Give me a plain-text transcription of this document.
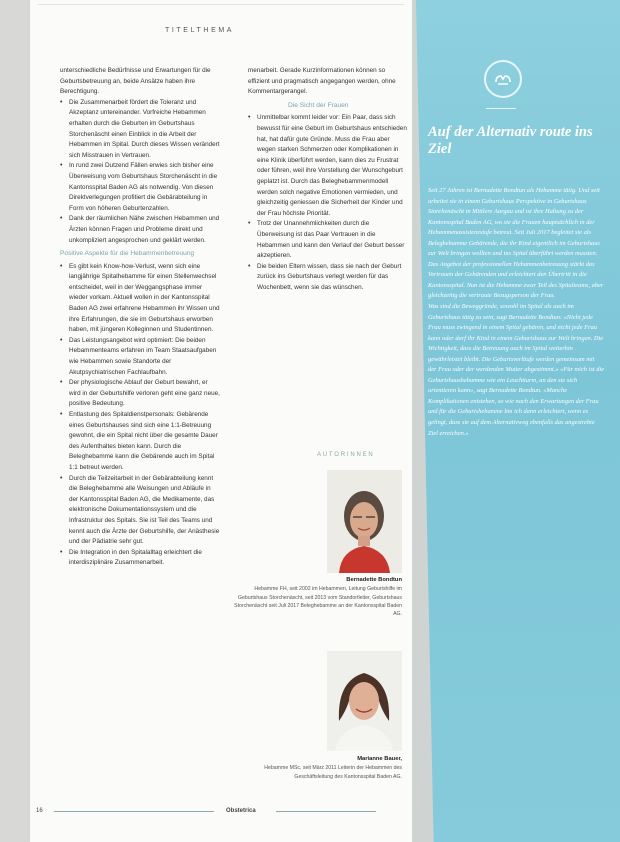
TITELTHEMA

unterschiedliche Bedürfnisse und Erwartungen für die Geburtsbetreuung an, beide Ansätze haben ihre Berechtigung.

• Die Zusammenarbeit fördert die Toleranz und Akzeptanz untereinander. Vorfreiche Hebammen erhalten durch die Geburten im Geburtshaus Storchenäscht einen Einblick in die Arbeit der Hebammen im Spital. Durch dieses Wissen verändert sich Misstrauen in Vertrauen.
• In rund zwei Dutzend Fällen erwies sich bisher eine Überweisung vom Geburtshaus Storchenäscht in die Kantonsspital Baden AG als notwendig. Von diesen Direktverlegungen profitiert die Gebärabteilung in Form von höheren Geburtenzahlen.
• Dank der räumlichen Nähe zwischen Hebammen und Ärzten können Fragen und Probleme direkt und unkompliziert angesprochen und geklärt werden.
Positive Aspekte für die Hebammenbetreuung
• Es gibt kein Know-how-Verlust, wenn sich eine langjährige Spitalhebamme für einen Stellenwechsel entscheidet, weil in der Weggangsphase immer wieder vorkam. Aktuell wollen in der Kantonsspital Baden AG zwei erfahrene Hebammen ihr Wissen und ihre Erfahrungen, die sie im Geburtshaus erworben haben, mit jüngeren Kolleginnen und Studentinnen.
• Das Leistungsangebot wird optimiert: Die beiden Hebammenteams erfahren im Team Staatsaufgaben wie Hebammen sowie Standorte der Akutpsychiatrischen Fachlaufbahn.
• Der physiologische Ablauf der Geburt bewahrt, er wird in der Geburtshilfe verloren geht eine ganz neue, positive Bedeutung.
• Entlastung des Spitaldienstpersonals: Gebärende eines Geburtshauses sind sich eine 1:1-Betreuung gewohnt, die ein Spital nicht über die gesamte Dauer des Aufenthaltes bieten kann. Durch die Beleghebamme kann die Gebärende auch im Spital 1:1 betreut werden.
• Durch die Teilzeitarbeit in der Gebärabteilung kennt die Beleghebamme alle Weisungen und Abläufe in der Kantonsspital Baden AG, die Medikamente, das elektronische Dokumentationssystem und die Infrastruktur des Spitals. Sie ist Teil des Teams und kennt auch die Ärzte der Geburtshilfe, der Anästhesie und der Pädiatrie sehr gut.
• Die Integration in den Spitalalltag erleichtert die interdisziplinäre Zusammenarbeit.

menarbeit. Gerade Kurzinformationen können so effizient und pragmatisch angegangen werden, ohne Kommentargerangel.

Die Sicht der Frauen
• Unmittelbar kommt leider vor: Ein Paar, dass sich bewusst für eine Geburt im Geburtshaus entschieden hat, hat dafür gute Gründe. Muss die Frau aber wegen starken Schmerzen oder Komplikationen in eine Klinik überführt werden, kann dies zu Frustrat oder führen, weil ihre Vorstellung der Wunschgeburt geplatzt ist. Durch das Beleghebammenmodell werden solch negative Emotionen vermieden, und gleichzeitig geniessen die Sicherheit der Kinder und der Frau höchste Priorität.
• Trotz der Unannehmlichkeiten durch die Überweisung ist das Paar Vertrauen in die Hebammen und kann den Verlauf der Geburt besser akzeptieren.
• Die beiden Eltern wissen, dass sie nach der Geburt zurück ins Geburtshaus verlegt werden für das Wochenbett, wenn sie das wünschen.
AUTORINNEN
Bernadette Bondtun
Hebamme FH, seit 2002 im Hebammen, Leitung Geburtshilfe im Geburtshaus Storchenäscht, seit 2013 vom Standortleiter, Geburtshaus Storchenäscht seit Juli 2017 Beleghebamme an der Kantonsspital Baden AG.
Marianne Bauer,
Hebamme MSc, seit März 2011 Leiterin der Hebammen des Geschäftsleitung des Kantonsspital Baden AG.
16	Obstetrica
Auf der Alternativ route ins Ziel

Seit 27 Jahren ist Bernadette Bondtun als Hebamme tätig. Und seit arbeitet sie in einem Geburtshaus Perspektive in Geburtshaus Storchenäscht in Mittlere Aargau und ist ihre Haltung zu der Kantonsspital Baden AG, wo sie die Frauen hauptsächlich in der Hebammenassistenzstufe betreut. Seit Juli 2017 begleitet sie als Beleghebamme Gebärende, die ihr Kind eigentlich im Geburtshaus zur Welt bringen wollten und ins Spital überführt werden mussten. Das Angebot der professionellen Hebammenbetreuung stärkt das Vertrauen der Gebärenden und erleichtert den Übertritt in die Kantonsspital. Nun ist die Hebamme zwar Teil des Spitalteams, aber gleichzeitig die vertraute Bezugsperson der Frau.

Was sind die Beweggründe, sowohl im Spital als auch im Geburtshaus tätig zu sein, sagt Bernadette Bondtun: «Nicht jede Frau muss zwingend in einem Spital gebären, und nicht jede Frau kann oder darf ihr Kind in einem Geburtshaus zur Welt bringen. Die Wichtigkeit, dass die Betreuung auch im Spital weiterhin gewährleistet bleibt. Die Geburtsverläufe werden gemeinsam mit der Frau oder der werdenden Mutter abgestimmt.» «Für mich ist die Geburtshaushebamme wie ein Leuchtturm, an den sie sich orientieren kann», sagt Bernadette Bondtun. «Manche Komplikationen entstehen, so wie nach den Erwartungen der Frau und für die Geburtshebamme bin ich dann erleichtert, wenn es gelingt, dass sie auf dem Alternativweg ebenfalls das angestrebte Ziel erreichen.»
